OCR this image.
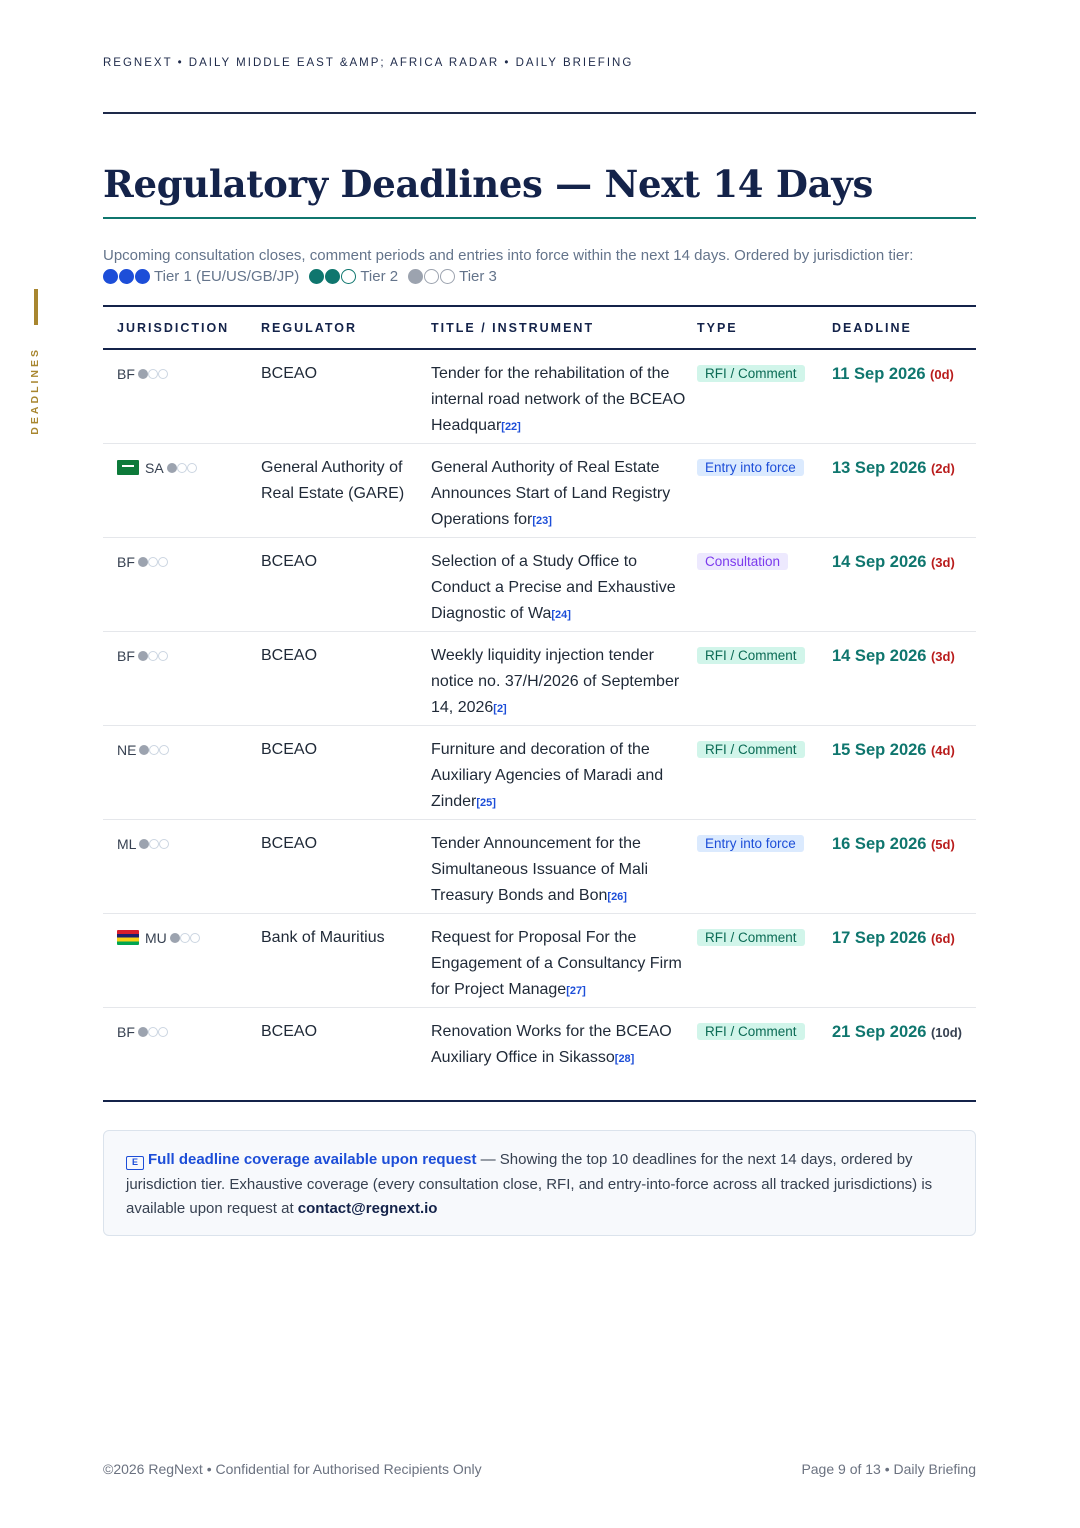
REGNEXT • DAILY MIDDLE EAST &AMP; AFRICA RADAR • DAILY BRIEFING
DEADLINES
Regulatory Deadlines — Next 14 Days

Upcoming consultation closes, comment periods and entries into force within the next 14 days. Ordered by jurisdiction tier:

Tier 1 (EU/US/GB/JP)	Tier 2	Tier 3
JURISDICTION	REGULATOR	TITLE / INSTRUMENT	TYPE	DEADLINE
BF	BCEAO	Tender for the rehabilitation of the internal road network of the BCEAO Headquar[22]	RFI / Comment	11 Sep 2026 (0d)
SA	General Authority of Real Estate (GARE)	General Authority of Real Estate Announces Start of Land Registry Operations for[23]	Entry into force	13 Sep 2026 (2d)
BF	BCEAO	Selection of a Study Office to Conduct a Precise and Exhaustive Diagnostic of Wa[24]	Consultation	14 Sep 2026 (3d)
BF	BCEAO	Weekly liquidity injection tender notice no. 37/H/2026 of September 14, 2026[2]	RFI / Comment	14 Sep 2026 (3d)
NE	BCEAO	Furniture and decoration of the Auxiliary Agencies of Maradi and Zinder[25]	RFI / Comment	15 Sep 2026 (4d)
ML	BCEAO	Tender Announcement for the Simultaneous Issuance of Mali Treasury Bonds and Bon[26]	Entry into force	16 Sep 2026 (5d)
MU	Bank of Mauritius	Request for Proposal For the Engagement of a Consultancy Firm for Project Manage[27]	RFI / Comment	17 Sep 2026 (6d)
BF	BCEAO	Renovation Works for the BCEAO Auxiliary Office in Sikasso[28]	RFI / Comment	21 Sep 2026 (10d)
E Full deadline coverage available upon request — Showing the top 10 deadlines for the next 14 days, ordered by jurisdiction tier. Exhaustive coverage (every consultation close, RFI, and entry-into-force across all tracked jurisdictions) is available upon request at contact@regnext.io
©2026 RegNext • Confidential for Authorised Recipients Only	Page 9 of 13 • Daily Briefing
